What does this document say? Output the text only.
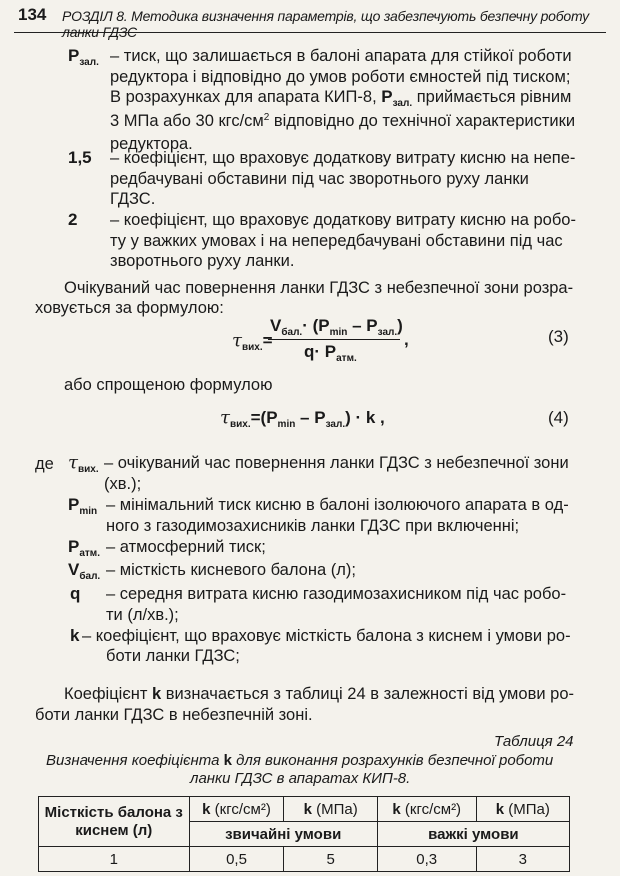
134 РОЗДІЛ 8. Методика визначення параметрів, що забезпечують безпечну роботу ланки ГДЗС
$P_{зал.}$ – тиск, що залишається в балоні апарата для стійкої роботи
редуктора і відповідно до умов роботи ємностей під тиском;
В розрахунках для апарата КИП-8, $Р_{зал.}$ приймається рівним
3 МПа або 30 кгс/$см^2$ відповідно до технічної характеристики
редуктора.
1,5 – коефіцієнт, що враховує додаткову витрату кисню на непе-
редбачувані обставини під час зворотнього руху ланки
ГДЗС.
2 – коефіцієнт, що враховує додаткову витрату кисню на робо-
ту у важких умовах і на непередбачувані обставини під час
зворотнього руху ланки.
Очікуваний час повернення ланки ГДЗС з небезпечної зони розра-
ховується за формулою:
$\tau_{вих.}=$
$V_{бал.}\cdot (P_{min} - P_{зал.})$
$q\cdot P_{атм.}$
,	(3)
або спрощеною формулою
$\tau_{вих.}=(P_{min} - P_{зал.}) \cdot k$ ,	(4)
де $\tau_{вих.}$ – очікуваний час повернення ланки ГДЗС з небезпечної зони
(хв.);
$P_{min}$ – мінімальний тиск кисню в балоні ізолюючого апарата в од-
ного з газодимозахисників ланки ГДЗС при включенні;
$P_{атм.}$ – атмосферний тиск;
$V_{бал.}$ – місткість кисневого балона (л);
q – середня витрата кисню газодимозахисником під час робо-
ти (л/хв.);
k – коефіцієнт, що враховує місткість балона з киснем і умови ро-
боти ланки ГДЗС;
Коефіцієнт k визначається з таблиці 24 в залежності від умови ро-
боти ланки ГДЗС в небезпечній зоні.
Таблиця 24
Визначення коефіцієнта k для виконання розрахунків безпечної роботи
ланки ГДЗС в апаратах КИП-8.
Місткість балона з киснем (л)	k (кгс/см²)	k (МПа)	k (кгс/см²)	k (МПа)
	звичайні умови		важкі умови	
1	0,5	5	0,3	3
